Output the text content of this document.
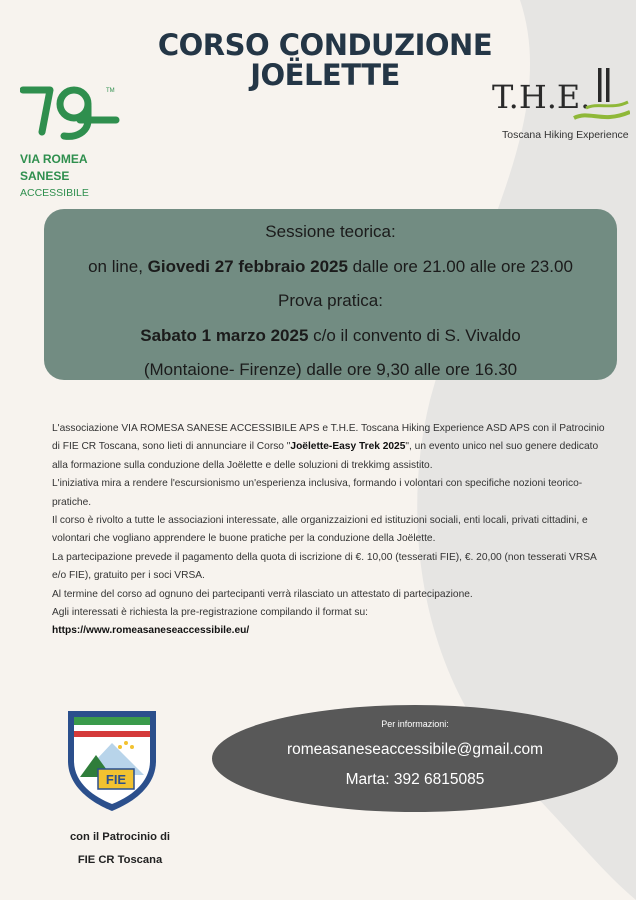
CORSO CONDUZIONE
JOËLETTE
TM
VIA ROMEA
SANESE
ACCESSIBILE
T.H.E.
Toscana Hiking Experience
Sessione teorica:
on line, Giovedi 27 febbraio 2025 dalle ore 21.00 alle ore 23.00
Prova pratica:
Sabato 1 marzo 2025 c/o il convento di S. Vivaldo
(Montaione- Firenze) dalle ore 9,30 alle ore 16.30

L'associazione VIA ROMESA SANESE ACCESSIBILE APS e T.H.E. Toscana Hiking Experience ASD APS con il Patrocinio di FIE CR Toscana, sono lieti di annunciare il Corso "Joëlette-Easy Trek 2025", un evento unico nel suo genere dedicato alla formazione sulla conduzione della Joëlette e delle soluzioni di trekkimg assistito.

L'iniziativa mira a rendere l'escursionismo un'esperienza inclusiva, formando i volontari con specifiche nozioni teorico-pratiche.

Il corso è rivolto a tutte le associazioni interessate, alle organizzaizioni ed istituzioni sociali, enti locali, privati cittadini, e volontari che vogliano apprendere le buone pratiche per la conduzione della Joëlette.

La partecipazione prevede il pagamento della quota di iscrizione di €. 10,00 (tesserati FIE), €. 20,00 (non tesserati VRSA e/o FIE), gratuito per i soci VRSA.

Al termine del corso ad ognuno dei partecipanti verrà rilasciato un attestato di partecipazione.

Agli interessati è richiesta la pre-registrazione compilando il format su:

https://www.romeasaneseaccessibile.eu/

FIE
con il Patrocinio di
FIE CR Toscana
Per informazioni:
romeasaneseaccessibile@gmail.com
Marta: 392 6815085
